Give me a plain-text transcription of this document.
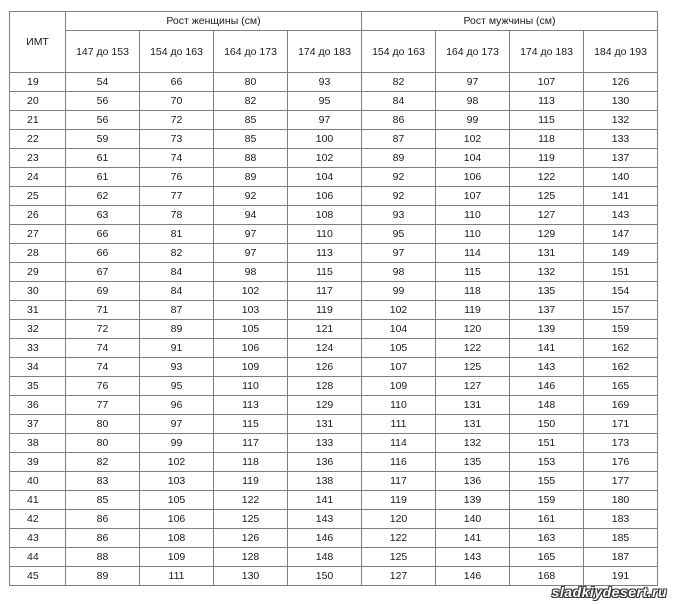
ИМТ	Рост женщины (см)				Рост мужчины (см)			
	147 до 153	154 до 163	164 до 173	174 до 183	154 до 163	164 до 173	174 до 183	184 до 193
19	54	66	80	93	82	97	107	126
20	56	70	82	95	84	98	113	130
21	56	72	85	97	86	99	115	132
22	59	73	85	100	87	102	118	133
23	61	74	88	102	89	104	119	137
24	61	76	89	104	92	106	122	140
25	62	77	92	106	92	107	125	141
26	63	78	94	108	93	110	127	143
27	66	81	97	110	95	110	129	147
28	66	82	97	113	97	114	131	149
29	67	84	98	115	98	115	132	151
30	69	84	102	117	99	118	135	154
31	71	87	103	119	102	119	137	157
32	72	89	105	121	104	120	139	159
33	74	91	106	124	105	122	141	162
34	74	93	109	126	107	125	143	162
35	76	95	110	128	109	127	146	165
36	77	96	113	129	110	131	148	169
37	80	97	115	131	111	131	150	171
38	80	99	117	133	114	132	151	173
39	82	102	118	136	116	135	153	176
40	83	103	119	138	117	136	155	177
41	85	105	122	141	119	139	159	180
42	86	106	125	143	120	140	161	183
43	86	108	126	146	122	141	163	185
44	88	109	128	148	125	143	165	187
45	89	111	130	150	127	146	168	191
sladkiydesert.ru
